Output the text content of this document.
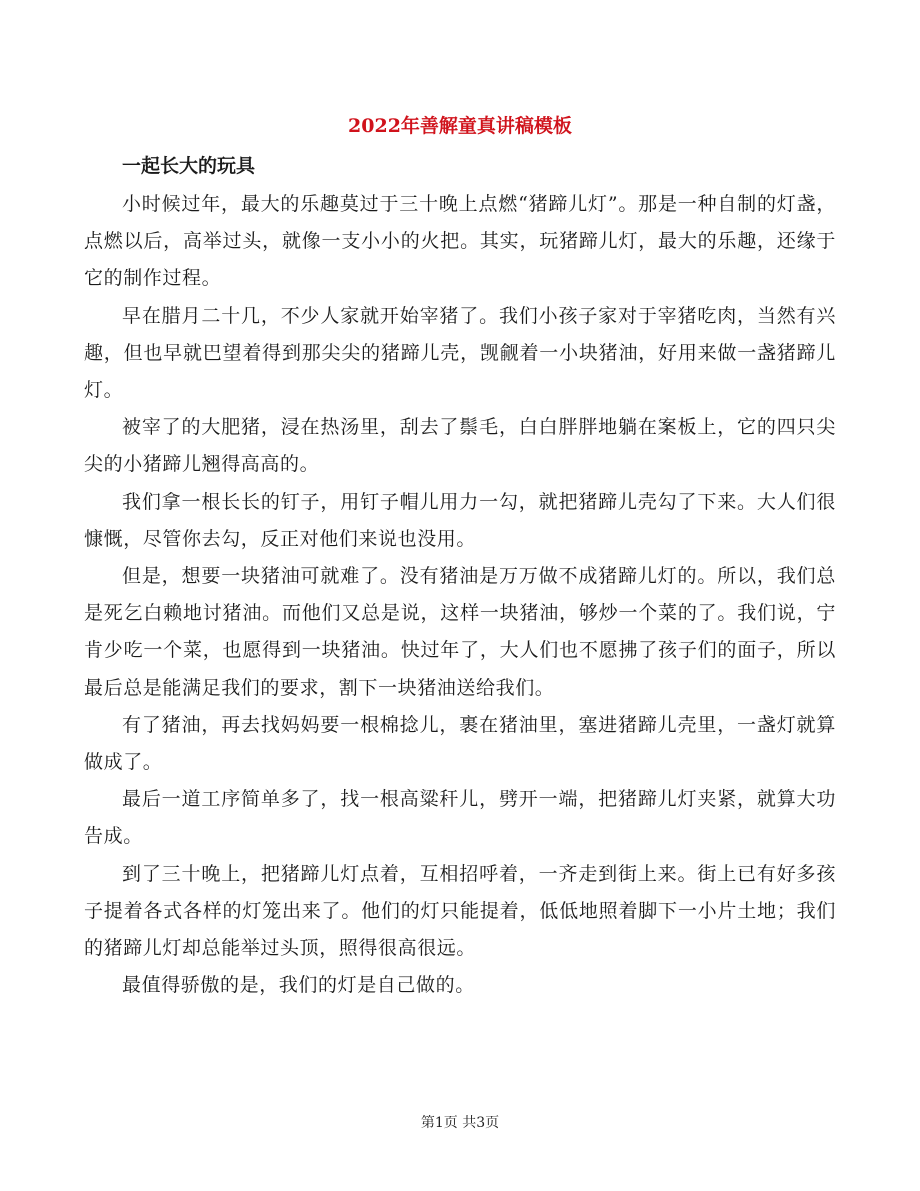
2022年善解童真讲稿模板
一起长大的玩具

小时候过年，最大的乐趣莫过于三十晚上点燃“猪蹄儿灯”。那是一种自制的灯盏，点燃以后，高举过头，就像一支小小的火把。其实，玩猪蹄儿灯，最大的乐趣，还缘于它的制作过程。

早在腊月二十几，不少人家就开始宰猪了。我们小孩子家对于宰猪吃肉，当然有兴趣，但也早就巴望着得到那尖尖的猪蹄儿壳，觊觎着一小块猪油，好用来做一盏猪蹄儿灯。

被宰了的大肥猪，浸在热汤里，刮去了鬃毛，白白胖胖地躺在案板上，它的四只尖尖的小猪蹄儿翘得高高的。

我们拿一根长长的钉子，用钉子帽儿用力一勾，就把猪蹄儿壳勾了下来。大人们很慷慨，尽管你去勾，反正对他们来说也没用。

但是，想要一块猪油可就难了。没有猪油是万万做不成猪蹄儿灯的。所以，我们总是死乞白赖地讨猪油。而他们又总是说，这样一块猪油，够炒一个菜的了。我们说，宁肯少吃一个菜，也愿得到一块猪油。快过年了，大人们也不愿拂了孩子们的面子，所以最后总是能满足我们的要求，割下一块猪油送给我们。

有了猪油，再去找妈妈要一根棉捻儿，裹在猪油里，塞进猪蹄儿壳里，一盏灯就算做成了。

最后一道工序简单多了，找一根高粱秆儿，劈开一端，把猪蹄儿灯夹紧，就算大功告成。

到了三十晚上，把猪蹄儿灯点着，互相招呼着，一齐走到街上来。街上已有好多孩子提着各式各样的灯笼出来了。他们的灯只能提着，低低地照着脚下一小片土地；我们的猪蹄儿灯却总能举过头顶，照得很高很远。

最值得骄傲的是，我们的灯是自己做的。

第1页 共3页
